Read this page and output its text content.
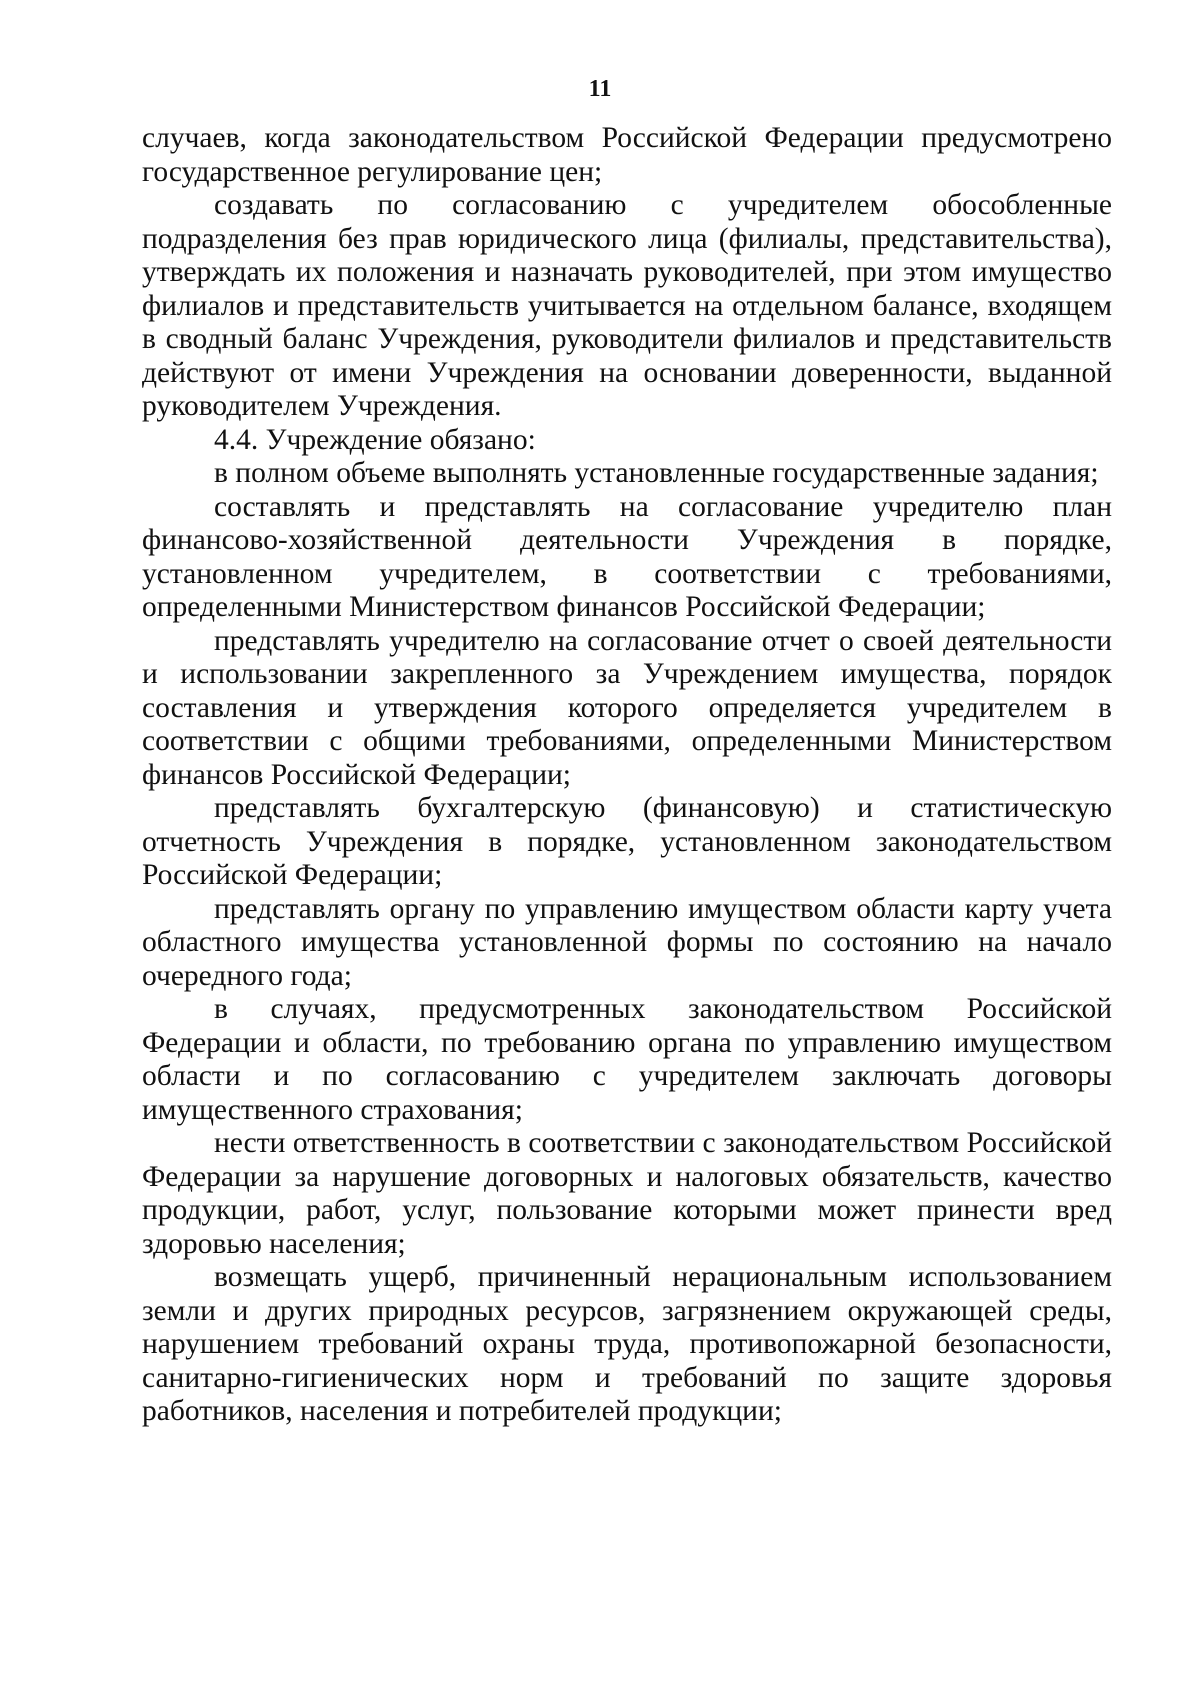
11

случаев, когда законодательством Российской Федерации предусмотрено государственное регулирование цен;

создавать по согласованию с учредителем обособленные подразделения без прав юридического лица (филиалы, представительства), утверждать их положения и назначать руководителей, при этом имущество филиалов и представительств учитывается на отдельном балансе, входящем в сводный баланс Учреждения, руководители филиалов и представительств действуют от имени Учреждения на основании доверенности, выданной руководителем Учреждения.

4.4. Учреждение обязано:

в полном объеме выполнять установленные государственные задания;

составлять и представлять на согласование учредителю план финансово-хозяйственной деятельности Учреждения в порядке, установленном учредителем, в соответствии с требованиями, определенными Министерством финансов Российской Федерации;

представлять учредителю на согласование отчет о своей деятельности и использовании закрепленного за Учреждением имущества, порядок составления и утверждения которого определяется учредителем в соответствии с общими требованиями, определенными Министерством финансов Российской Федерации;

представлять бухгалтерскую (финансовую) и статистическую отчетность Учреждения в порядке, установленном законодательством Российской Федерации;

представлять органу по управлению имуществом области карту учета областного имущества установленной формы по состоянию на начало очередного года;

в случаях, предусмотренных законодательством Российской Федерации и области, по требованию органа по управлению имуществом области и по согласованию с учредителем заключать договоры имущественного страхования;

нести ответственность в соответствии с законодательством Российской Федерации за нарушение договорных и налоговых обязательств, качество продукции, работ, услуг, пользование которыми может принести вред здоровью населения;

возмещать ущерб, причиненный нерациональным использованием земли и других природных ресурсов, загрязнением окружающей среды, нарушением требований охраны труда, противопожарной безопасности, санитарно-гигиенических норм и требований по защите здоровья работников, населения и потребителей продукции;
